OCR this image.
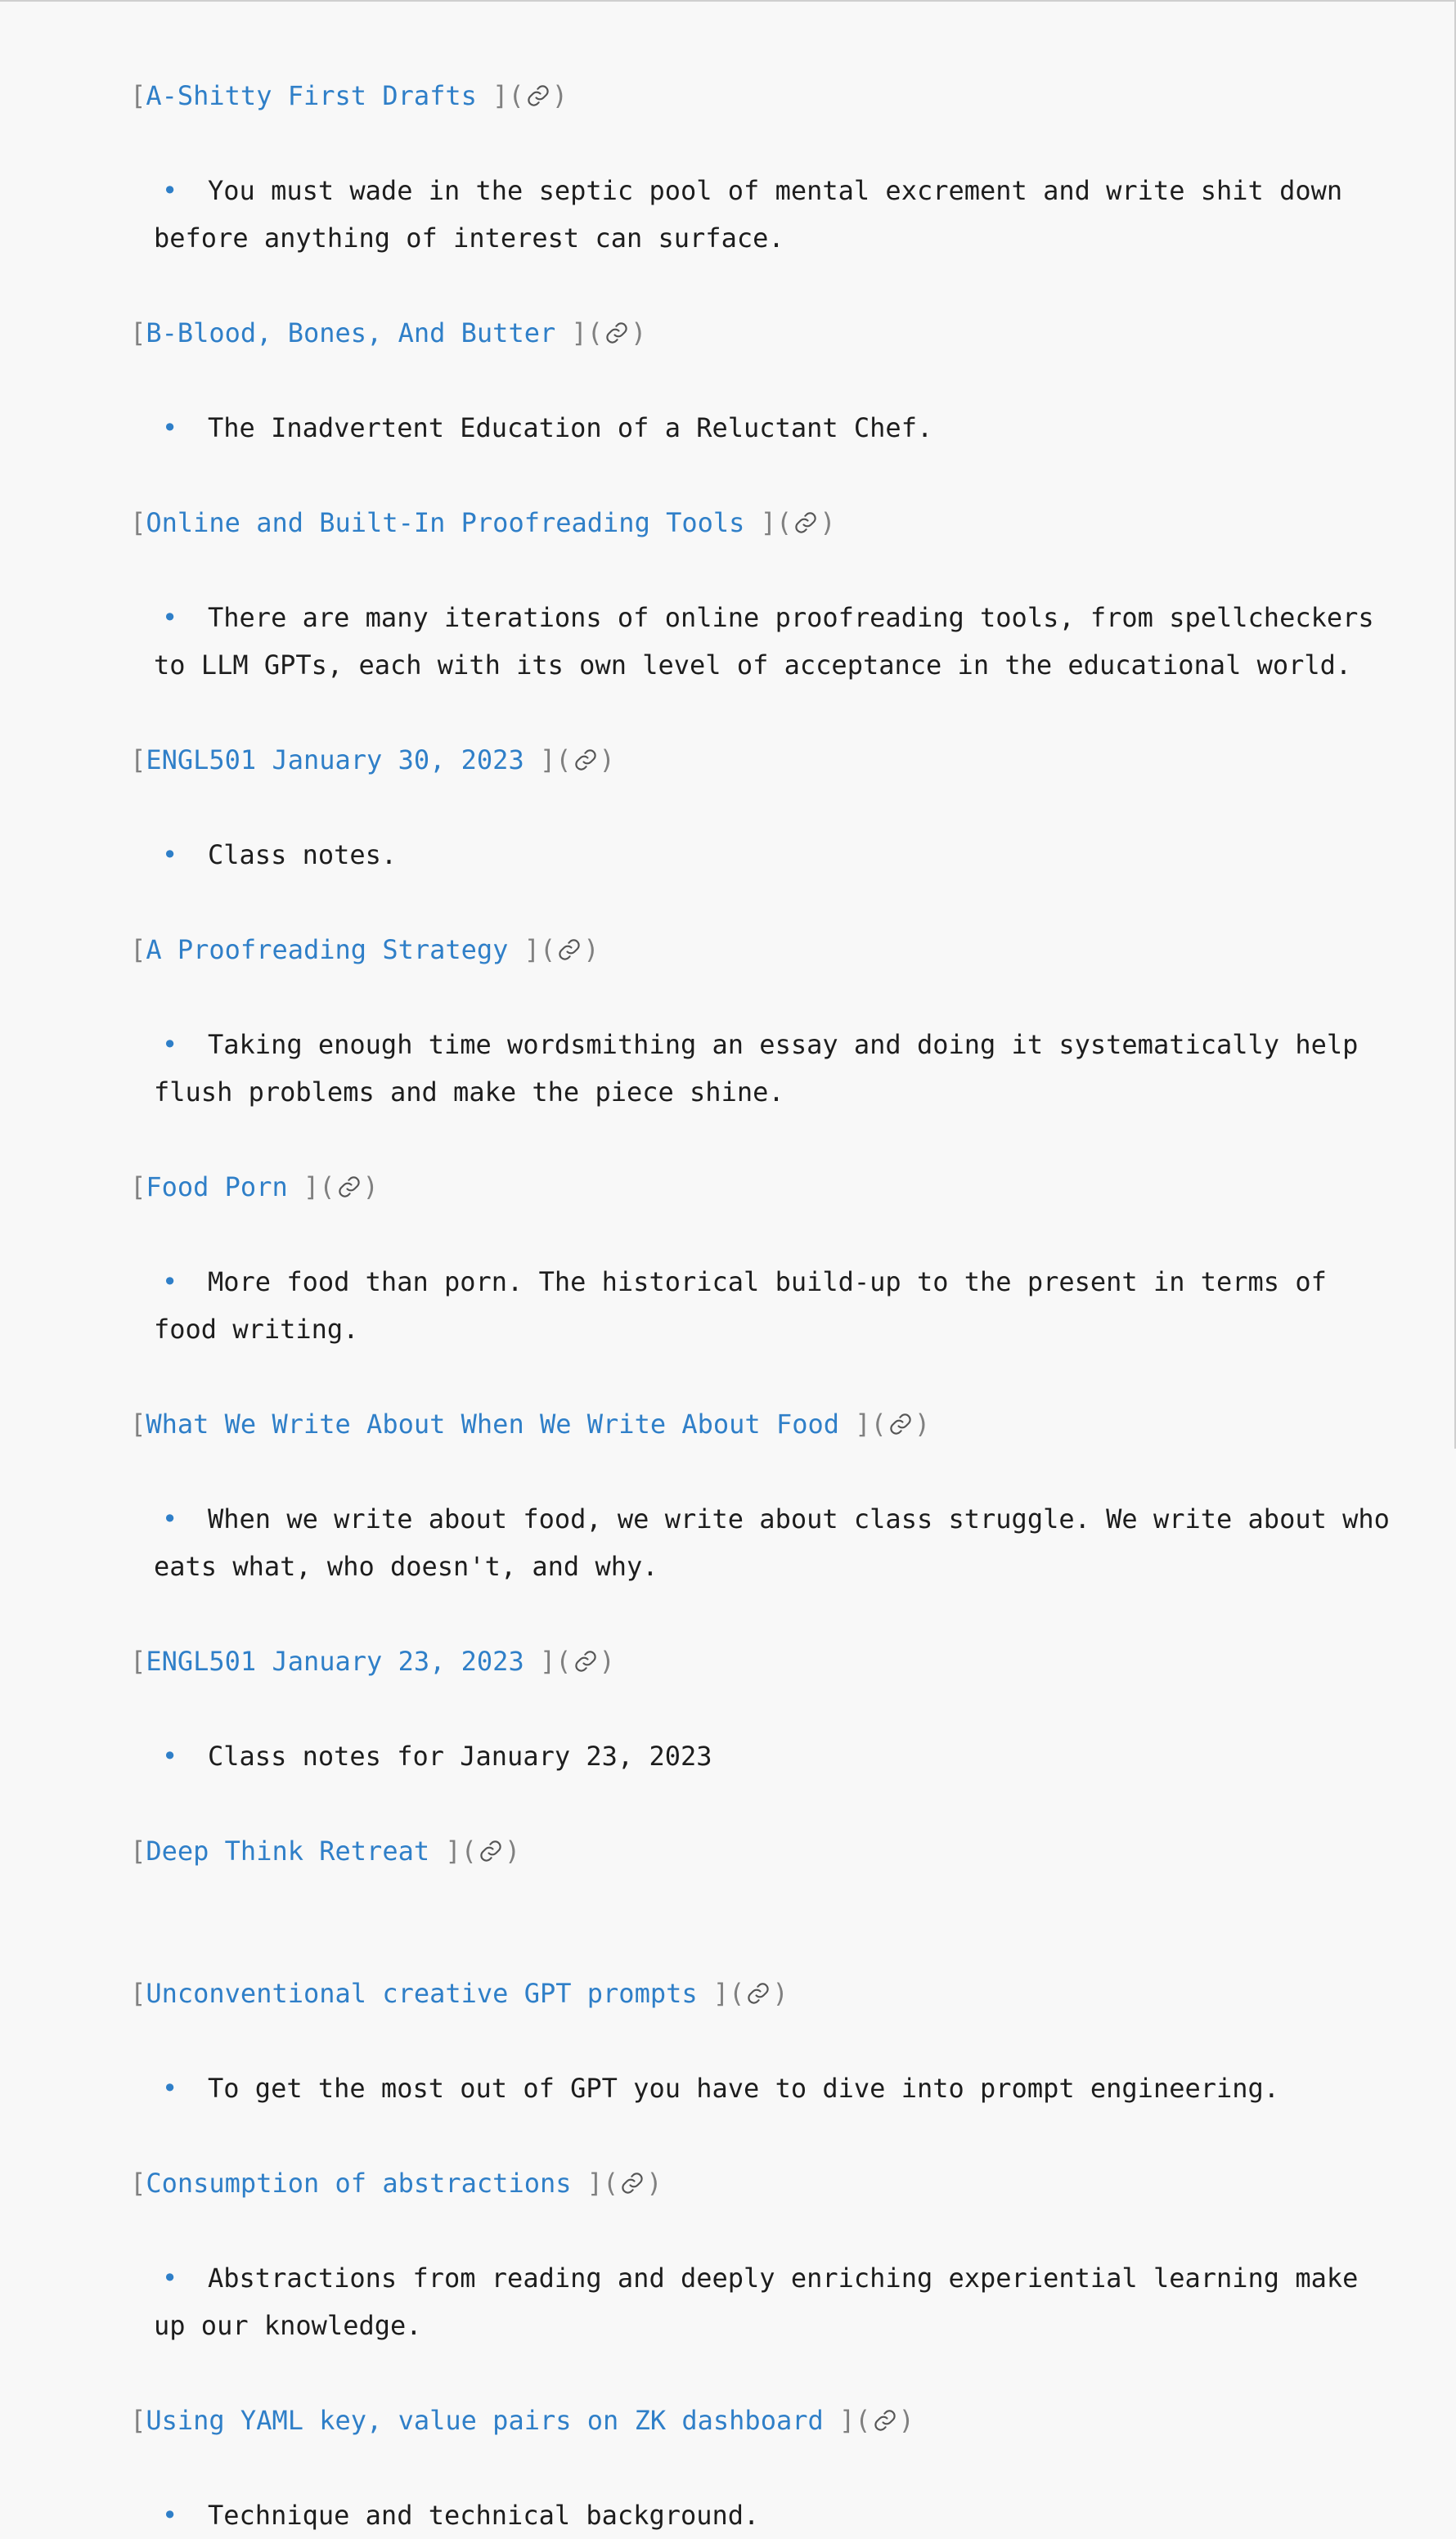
[A-Shitty First Drafts ]( )

•	You must wade in the septic pool of mental excrement and write shit down before anything of interest can surface.

[B-Blood, Bones, And Butter ]( )

•	The Inadvertent Education of a Reluctant Chef.

[Online and Built-In Proofreading Tools ]( )

•	There are many iterations of online proofreading tools, from spellcheckers to LLM GPTs, each with its own level of acceptance in the educational world.

[ENGL501 January 30, 2023 ]( )

•	Class notes.

[A Proofreading Strategy ]( )

•	Taking enough time wordsmithing an essay and doing it systematically help flush problems and make the piece shine.

[Food Porn ]( )

•	More food than porn. The historical build-up to the present in terms of food writing.

[What We Write About When We Write About Food ]( )

•	When we write about food, we write about class struggle. We write about who eats what, who doesn't, and why.

[ENGL501 January 23, 2023 ]( )

•	Class notes for January 23, 2023

[Deep Think Retreat ]( )

[Unconventional creative GPT prompts ]( )

•	To get the most out of GPT you have to dive into prompt engineering.

[Consumption of abstractions ]( )

•	Abstractions from reading and deeply enriching experiential learning make up our knowledge.

[Using YAML key, value pairs on ZK dashboard ]( )

•	Technique and technical background.
